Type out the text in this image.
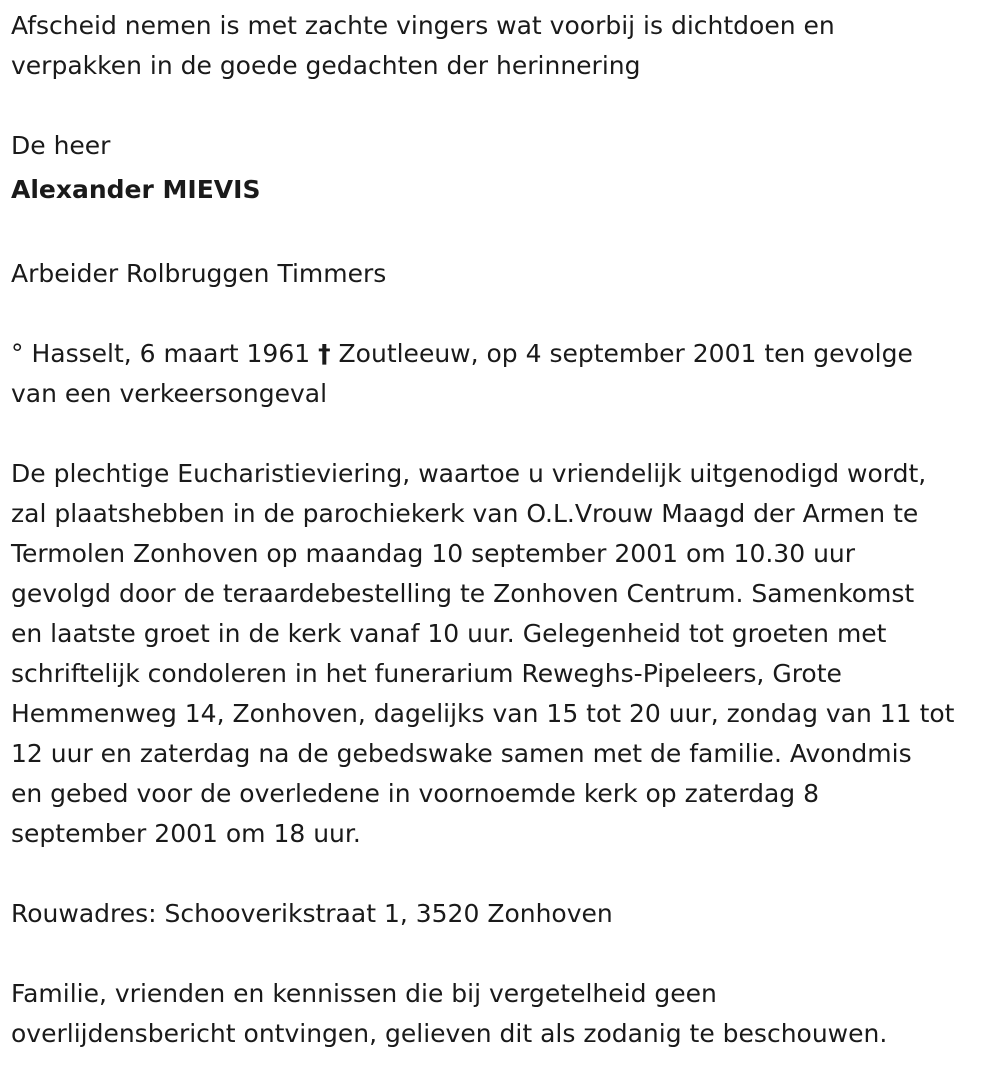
Afscheid nemen is met zachte vingers wat voorbij is dichtdoen en
verpakken in de goede gedachten der herinnering

De heer

Alexander MIEVIS

Arbeider Rolbruggen Timmers

° Hasselt, 6 maart 1961 † Zoutleeuw, op 4 september 2001 ten gevolge
van een verkeersongeval

De plechtige Eucharistieviering, waartoe u vriendelijk uitgenodigd wordt,
zal plaatshebben in de parochiekerk van O.L.Vrouw Maagd der Armen te
Termolen Zonhoven op maandag 10 september 2001 om 10.30 uur
gevolgd door de teraardebestelling te Zonhoven Centrum. Samenkomst
en laatste groet in de kerk vanaf 10 uur. Gelegenheid tot groeten met
schriftelijk condoleren in het funerarium Reweghs-Pipeleers, Grote
Hemmenweg 14, Zonhoven, dagelijks van 15 tot 20 uur, zondag van 11 tot
12 uur en zaterdag na de gebedswake samen met de familie. Avondmis
en gebed voor de overledene in voornoemde kerk op zaterdag 8
september 2001 om 18 uur.

Rouwadres: Schooverikstraat 1, 3520 Zonhoven

Familie, vrienden en kennissen die bij vergetelheid geen
overlijdensbericht ontvingen, gelieven dit als zodanig te beschouwen.
